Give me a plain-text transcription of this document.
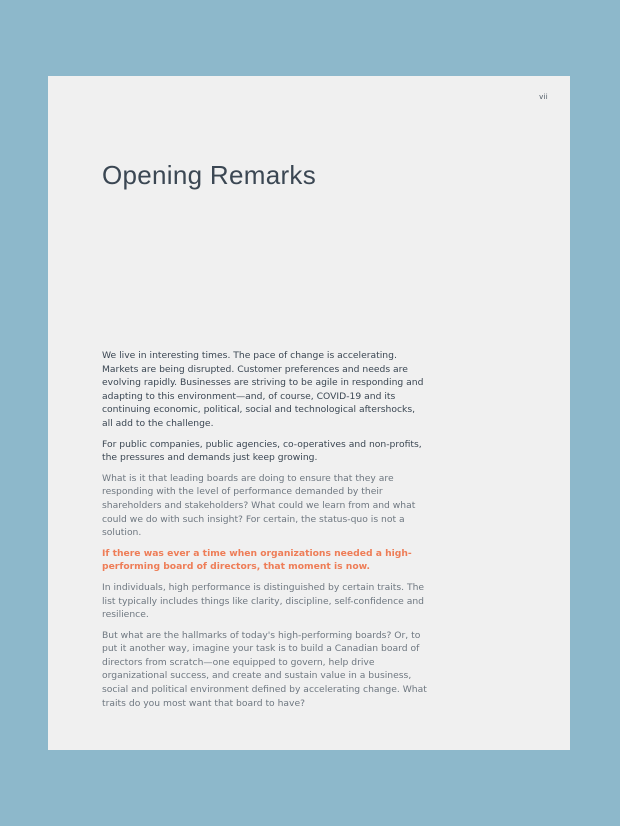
vii
Opening Remarks

We live in interesting times. The pace of change is accelerating. Markets are being disrupted. Customer preferences and needs are evolving rapidly. Businesses are striving to be agile in responding and adapting to this environment—and, of course, COVID-19 and its continuing economic, political, social and technological aftershocks, all add to the challenge.

For public companies, public agencies, co-operatives and non-profits, the pressures and demands just keep growing.

What is it that leading boards are doing to ensure that they are responding with the level of performance demanded by their shareholders and stakeholders? What could we learn from and what could we do with such insight? For certain, the status-quo is not a solution.

If there was ever a time when organizations needed a high-performing board of directors, that moment is now.

In individuals, high performance is distinguished by certain traits. The list typically includes things like clarity, discipline, self-confidence and resilience.

But what are the hallmarks of today's high-performing boards? Or, to put it another way, imagine your task is to build a Canadian board of directors from scratch—one equipped to govern, help drive organizational success, and create and sustain value in a business, social and political environment defined by accelerating change. What traits do you most want that board to have?
